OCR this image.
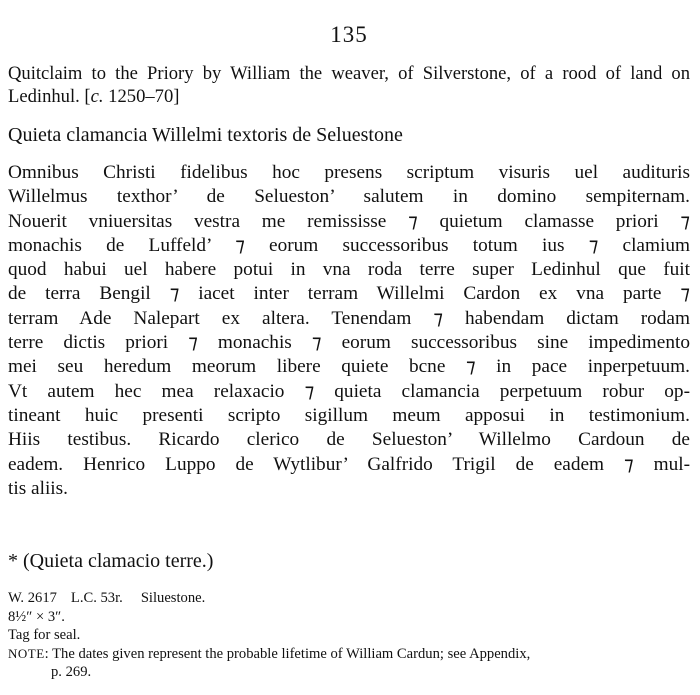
135
Quitclaim to the Priory by William the weaver, of Silverstone, of a rood of land on Ledinhul. [c. 1250–70]
Quieta clamancia Willelmi textoris de Seluestone
Omnibus Christi fidelibus hoc presens scriptum visuris uel audituris
Willelmus texthor’ de Selueston’ salutem in domino sempiternam.
Nouerit vniuersitas vestra me remississe ⁊ quietum clamasse priori ⁊
monachis de Luffeld’ ⁊ eorum successoribus totum ius ⁊ clamium
quod habui uel habere potui in vna roda terre super Ledinhul que fuit
de terra Bengil ⁊ iacet inter terram Willelmi Cardon ex vna parte ⁊
terram Ade Nalepart ex altera. Tenendam ⁊ habendam dictam rodam
terre dictis priori ⁊ monachis ⁊ eorum successoribus sine impedimento
mei seu heredum meorum libere quiete bcne ⁊ in pace inperpetuum.
Vt autem hec mea relaxacio ⁊ quieta clamancia perpetuum robur op-
tineant huic presenti scripto sigillum meum apposui in testimonium.
Hiis testibus. Ricardo clerico de Selueston’ Willelmo Cardoun de
eadem. Henrico Luppo de Wytlibur’ Galfrido Trigil de eadem ⁊ mul-
tis aliis.
* (Quieta clamacio terre.)
W. 2617 L.C. 53r. Siluestone.
8½″ × 3″.
Tag for seal.
NOTE: The dates given represent the probable lifetime of William Cardun; see Appendix,
p. 269.
